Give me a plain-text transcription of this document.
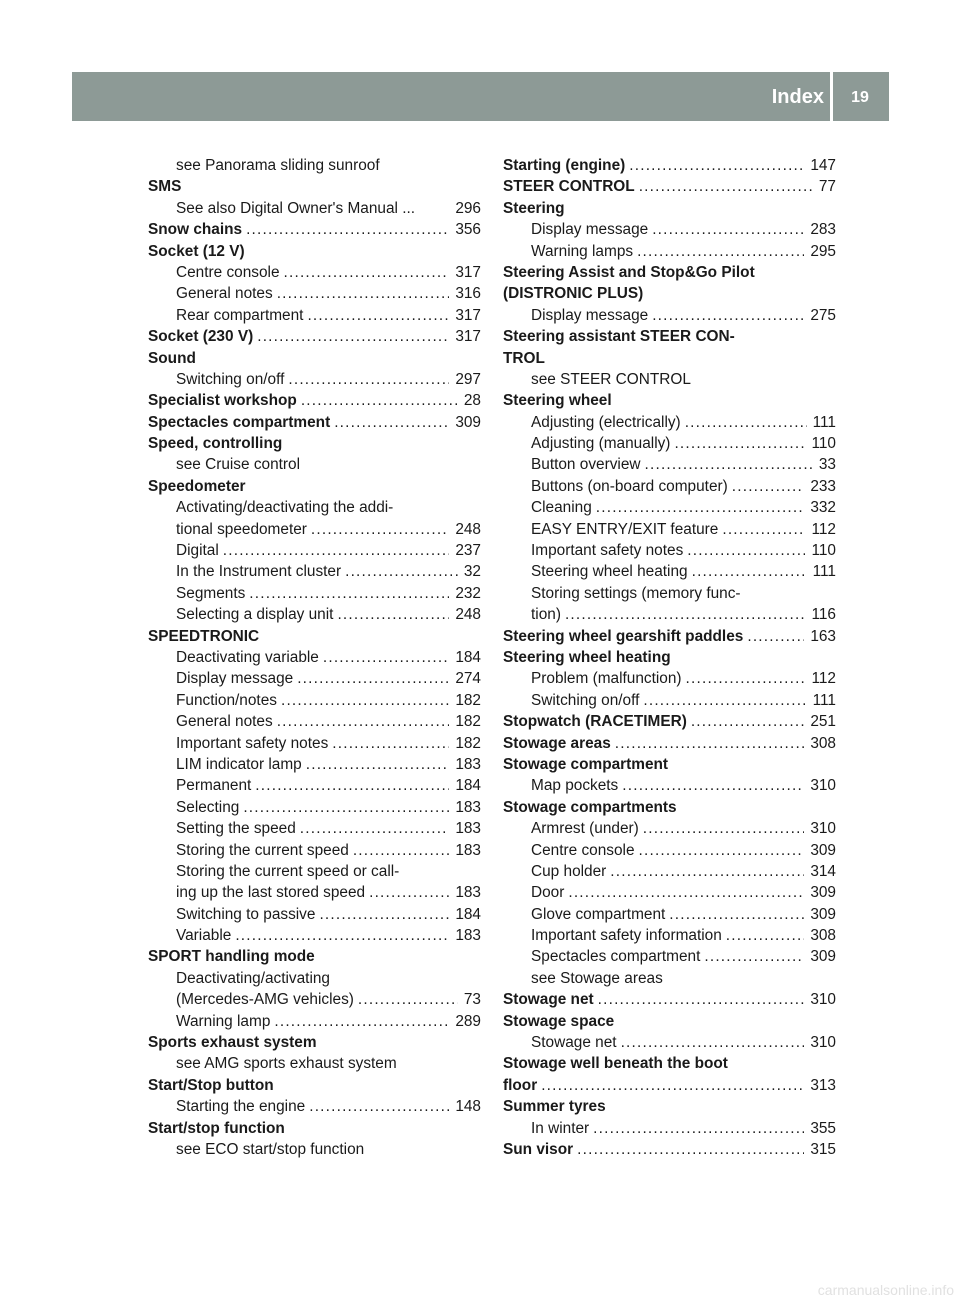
Index	19
see Panorama sliding sunroof
SMS
See also Digital Owner's Manual ...	296
Snow chains .....	356
Socket (12 V)
Centre console .....	317
General notes .....	316
Rear compartment .....	317
Socket (230 V) .....	317
Sound
Switching on/off .....	297
Specialist workshop .....	28
Spectacles compartment .....	309
Speed, controlling
see Cruise control
Speedometer
Activating/deactivating the addi-
tional speedometer .....	248
Digital .....	237
In the Instrument cluster .....	32
Segments .....	232
Selecting a display unit .....	248
SPEEDTRONIC
Deactivating variable .....	184
Display message .....	274
Function/notes .....	182
General notes .....	182
Important safety notes .....	182
LIM indicator lamp .....	183
Permanent .....	184
Selecting .....	183
Setting the speed .....	183
Storing the current speed .....	183
Storing the current speed or call-
ing up the last stored speed .....	183
Switching to passive .....	184
Variable .....	183
SPORT handling mode
Deactivating/activating
(Mercedes-AMG vehicles) .....	73
Warning lamp .....	289
Sports exhaust system
see AMG sports exhaust system
Start/Stop button
Starting the engine .....	148
Start/stop function
see ECO start/stop function
Starting (engine) .....	147
STEER CONTROL .....	77
Steering
Display message .....	283
Warning lamps .....	295
Steering Assist and Stop&Go Pilot
(DISTRONIC PLUS)
Display message .....	275
Steering assistant STEER CON-
TROL
see STEER CONTROL
Steering wheel
Adjusting (electrically) .....	111
Adjusting (manually) .....	110
Button overview .....	33
Buttons (on-board computer) .....	233
Cleaning .....	332
EASY ENTRY/EXIT feature .....	112
Important safety notes .....	110
Steering wheel heating .....	111
Storing settings (memory func-
tion) .....	116
Steering wheel gearshift paddles .....	163
Steering wheel heating
Problem (malfunction) .....	112
Switching on/off .....	111
Stopwatch (RACETIMER) .....	251
Stowage areas .....	308
Stowage compartment
Map pockets .....	310
Stowage compartments
Armrest (under) .....	310
Centre console .....	309
Cup holder .....	314
Door .....	309
Glove compartment .....	309
Important safety information .....	308
Spectacles compartment .....	309
see Stowage areas
Stowage net .....	310
Stowage space
Stowage net .....	310
Stowage well beneath the boot
floor .....	313
Summer tyres
In winter .....	355
Sun visor .....	315
carmanualsonline.info
